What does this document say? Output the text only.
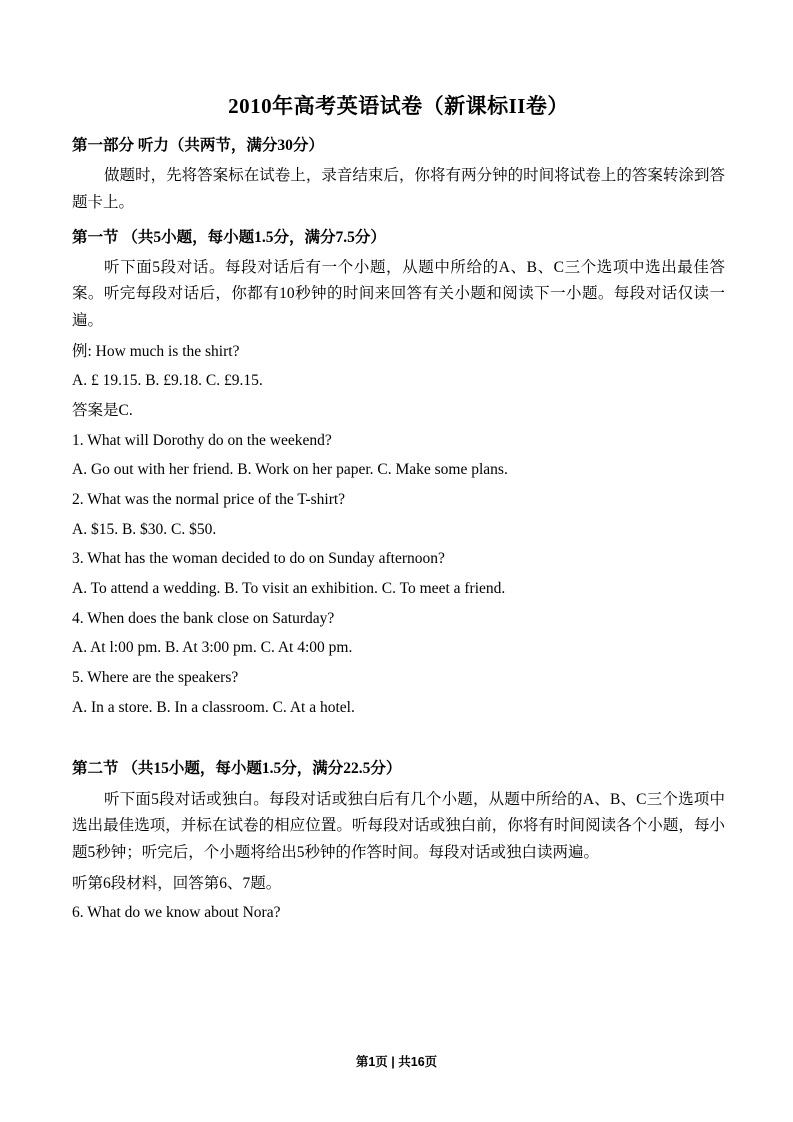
2010年高考英语试卷（新课标II卷）
第一部分 听力（共两节，满分30分）
做题时，先将答案标在试卷上，录音结束后，你将有两分钟的时间将试卷上的答案转涂到答题卡上。
第一节 （共5小题，每小题1.5分，满分7.5分）
听下面5段对话。每段对话后有一个小题，从题中所给的A、B、C三个选项中选出最佳答案。听完每段对话后，你都有10秒钟的时间来回答有关小题和阅读下一小题。每段对话仅读一遍。
例: How much is the shirt?
A. £ 19.15. B. £9.18. C. £9.15.
答案是C.
1. What will Dorothy do on the weekend?
A. Go out with her friend. B. Work on her paper. C. Make some plans.
2. What was the normal price of the T-shirt?
A. $15. B. $30. C. $50.
3. What has the woman decided to do on Sunday afternoon?
A. To attend a wedding. B. To visit an exhibition. C. To meet a friend.
4. When does the bank close on Saturday?
A. At l:00 pm. B. At 3:00 pm. C. At 4:00 pm.
5. Where are the speakers?
A. In a store. B. In a classroom. C. At a hotel.
第二节 （共15小题，每小题1.5分，满分22.5分）
听下面5段对话或独白。每段对话或独白后有几个小题，从题中所给的A、B、C三个选项中选出最佳选项，并标在试卷的相应位置。听每段对话或独白前，你将有时间阅读各个小题，每小题5秒钟；听完后，个小题将给出5秒钟的作答时间。每段对话或独白读两遍。
听第6段材料，回答第6、7题。
6. What do we know about Nora?
第1页 | 共16页
